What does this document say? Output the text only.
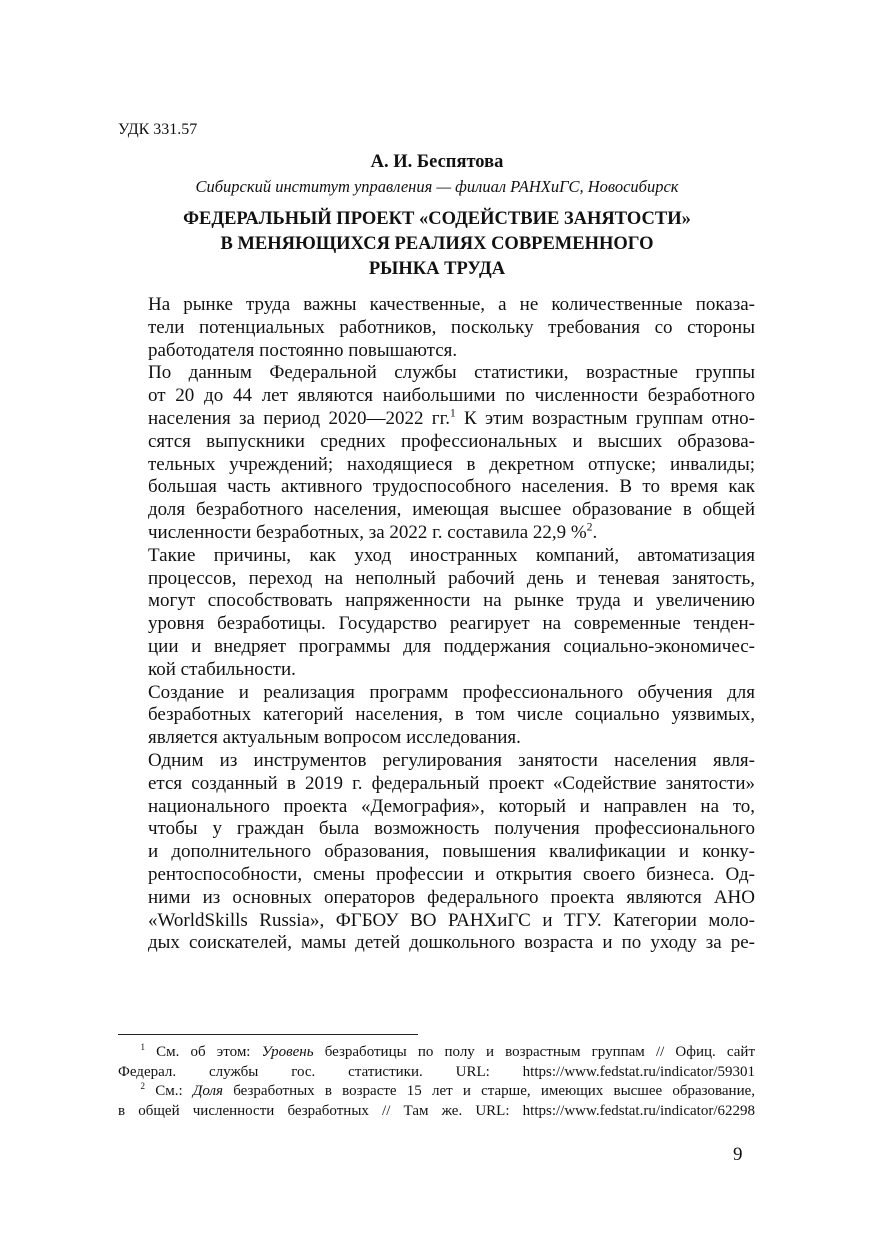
УДК 331.57
А. И. Беспятова
Сибирский институт управления — филиал РАНХиГС, Новосибирск
ФЕДЕРАЛЬНЫЙ ПРОЕКТ «СОДЕЙСТВИЕ ЗАНЯТОСТИ»
В МЕНЯЮЩИХСЯ РЕАЛИЯХ СОВРЕМЕННОГО
РЫНКА ТРУДА

На рынке труда важны качественные, а не количественные показа-
тели потенциальных работников, поскольку требования со стороны
работодателя постоянно повышаются.

По данным Федеральной службы статистики, возрастные группы
от 20 до 44 лет являются наибольшими по численности безработного
населения за период 2020—2022 гг.$^1$ К этим возрастным группам отно-
сятся выпускники средних профессиональных и высших образова-
тельных учреждений; находящиеся в декретном отпуске; инвалиды;
большая часть активного трудоспособного населения. В то время как
доля безработного населения, имеющая высшее образование в общей
численности безработных, за 2022 г. составила 22,9 %$^2$.

Такие причины, как уход иностранных компаний, автоматизация
процессов, переход на неполный рабочий день и теневая занятость,
могут способствовать напряженности на рынке труда и увеличению
уровня безработицы. Государство реагирует на современные тенден-
ции и внедряет программы для поддержания социально-экономичес-
кой стабильности.

Создание и реализация программ профессионального обучения для
безработных категорий населения, в том числе социально уязвимых,
является актуальным вопросом исследования.

Одним из инструментов регулирования занятости населения явля-
ется созданный в 2019 г. федеральный проект «Содействие занятости»
национального проекта «Демография», который и направлен на то,
чтобы у граждан была возможность получения профессионального
и дополнительного образования, повышения квалификации и конку-
рентоспособности, смены профессии и открытия своего бизнеса. Од-
ними из основных операторов федерального проекта являются АНО
«WorldSkills Russia», ФГБОУ ВО РАНХиГС и ТГУ. Категории моло-
дых соискателей, мамы детей дошкольного возраста и по уходу за ре-

  $^1$ См. об этом: Уровень безработицы по полу и возрастным группам // Офиц. сайт
Федерал. службы гос. статистики. URL: https://www.fedstat.ru/indicator/59301
  $^2$ См.: Доля безработных в возрасте 15 лет и старше, имеющих высшее образование,
в общей численности безработных // Там же. URL: https://www.fedstat.ru/indicator/62298
9
